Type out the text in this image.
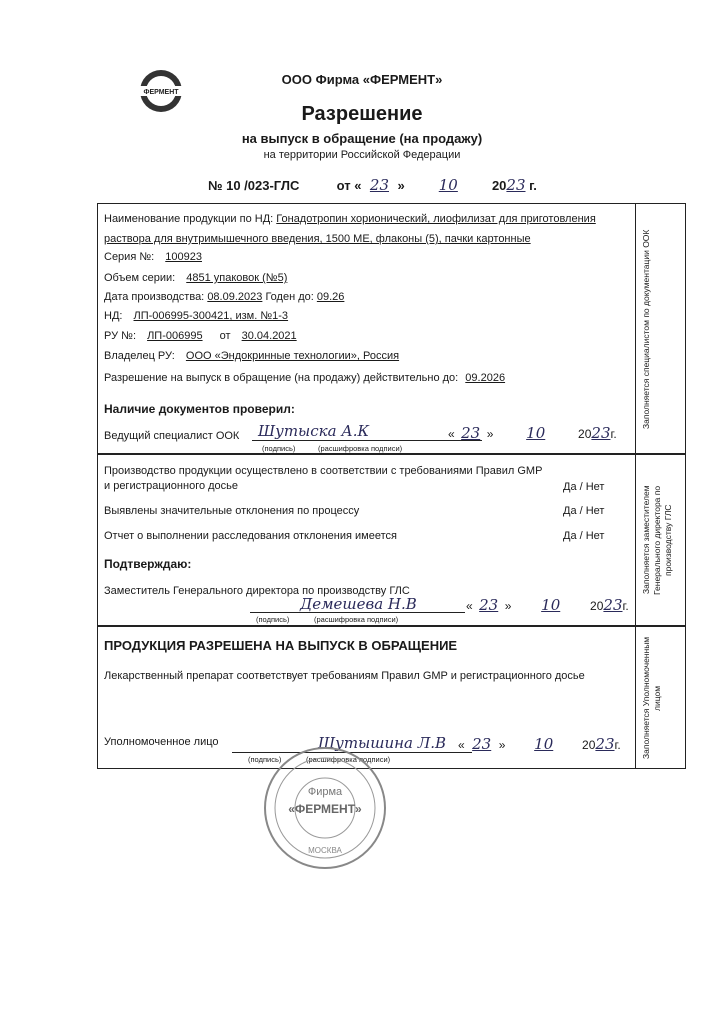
ФЕРМЕНТ
ООО Фирма «ФЕРМЕНТ»
Разрешение
на выпуск в обращение (на продажу)
на территории Российской Федерации
№ 10 /023-ГЛС	от « 23 » 10	2023 г.
Заполняется специалистом по документации ООК
Наименование продукции по НД: Гонадотропин хорионический, лиофилизат для приготовления
раствора для внутримышечного введения, 1500 МЕ, флаконы (5), пачки картонные
Серия №: 100923
Объем серии: 4851 упаковок (№5)
Дата производства: 08.09.2023 Годен до: 09.26
НД: ЛП-006995-300421, изм. №1-3
РУ №: ЛП-006995 от 30.04.2021
Владелец РУ: ООО «Эндокринные технологии», Россия
Разрешение на выпуск в обращение (на продажу) действительно до: 09.2026
Наличие документов проверил:
Ведущий специалист ООК Шутыска А.К
(подпись)	(расшифровка подписи)
« 23 » 10	2023г.
Заполняется заместителем Генерального директора по производству ГЛС
Производство продукции осуществлено в соответствии с требованиями Правил GMP
и регистрационного досье	Да / Нет
Выявлены значительные отклонения по процессу	Да / Нет
Отчет о выполнении расследования отклонения имеется	Да / Нет
Подтверждаю:
Заместитель Генерального директора по производству ГЛС
Демешева Н.В
(подпись)	(расшифровка подписи)
« 23 » 10 2023г.
Заполняется Уполномоченным лицом
ПРОДУКЦИЯ РАЗРЕШЕНА НА ВЫПУСК В ОБРАЩЕНИЕ
Лекарственный препарат соответствует требованиям Правил GMP и регистрационного досье
Уполномоченное лицо	Шутышина Л.В
(подпись)	(расшифровка подписи)
« 23 » 10 2023г.
Фирма
«ФЕРМЕНТ»
МОСКВА
